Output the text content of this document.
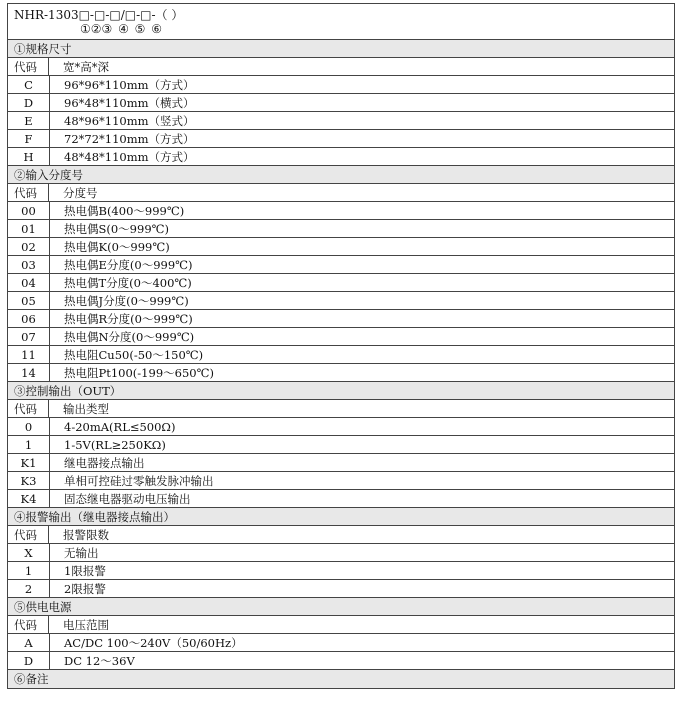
NHR-1303□-□-□/□-□-（ ）
①②③ ④ ⑤ ⑥
①规格尺寸
代码	宽*高*深
C	96*96*110mm（方式）
D	96*48*110mm（横式）
E	48*96*110mm（竖式）
F	72*72*110mm（方式）
H	48*48*110mm（方式）
②输入分度号
代码	分度号
00	热电偶B(400～999℃)
01	热电偶S(0～999℃)
02	热电偶K(0～999℃)
03	热电偶E分度(0～999℃)
04	热电偶T分度(0～400℃)
05	热电偶J分度(0～999℃)
06	热电偶R分度(0～999℃)
07	热电偶N分度(0～999℃)
11	热电阻Cu50(-50～150℃)
14	热电阻Pt100(-199～650℃)
③控制输出（OUT）
代码	输出类型
0	4-20mA(RL≤500Ω)
1	1-5V(RL≥250KΩ)
K1	继电器接点输出
K3	单相可控硅过零触发脉冲输出
K4	固态继电器驱动电压输出
④报警输出（继电器接点输出）
代码	报警限数
X	无输出
1	1限报警
2	2限报警
⑤供电电源
代码	电压范围
A	AC/DC 100～240V（50/60Hz）
D	DC 12～36V
⑥备注
